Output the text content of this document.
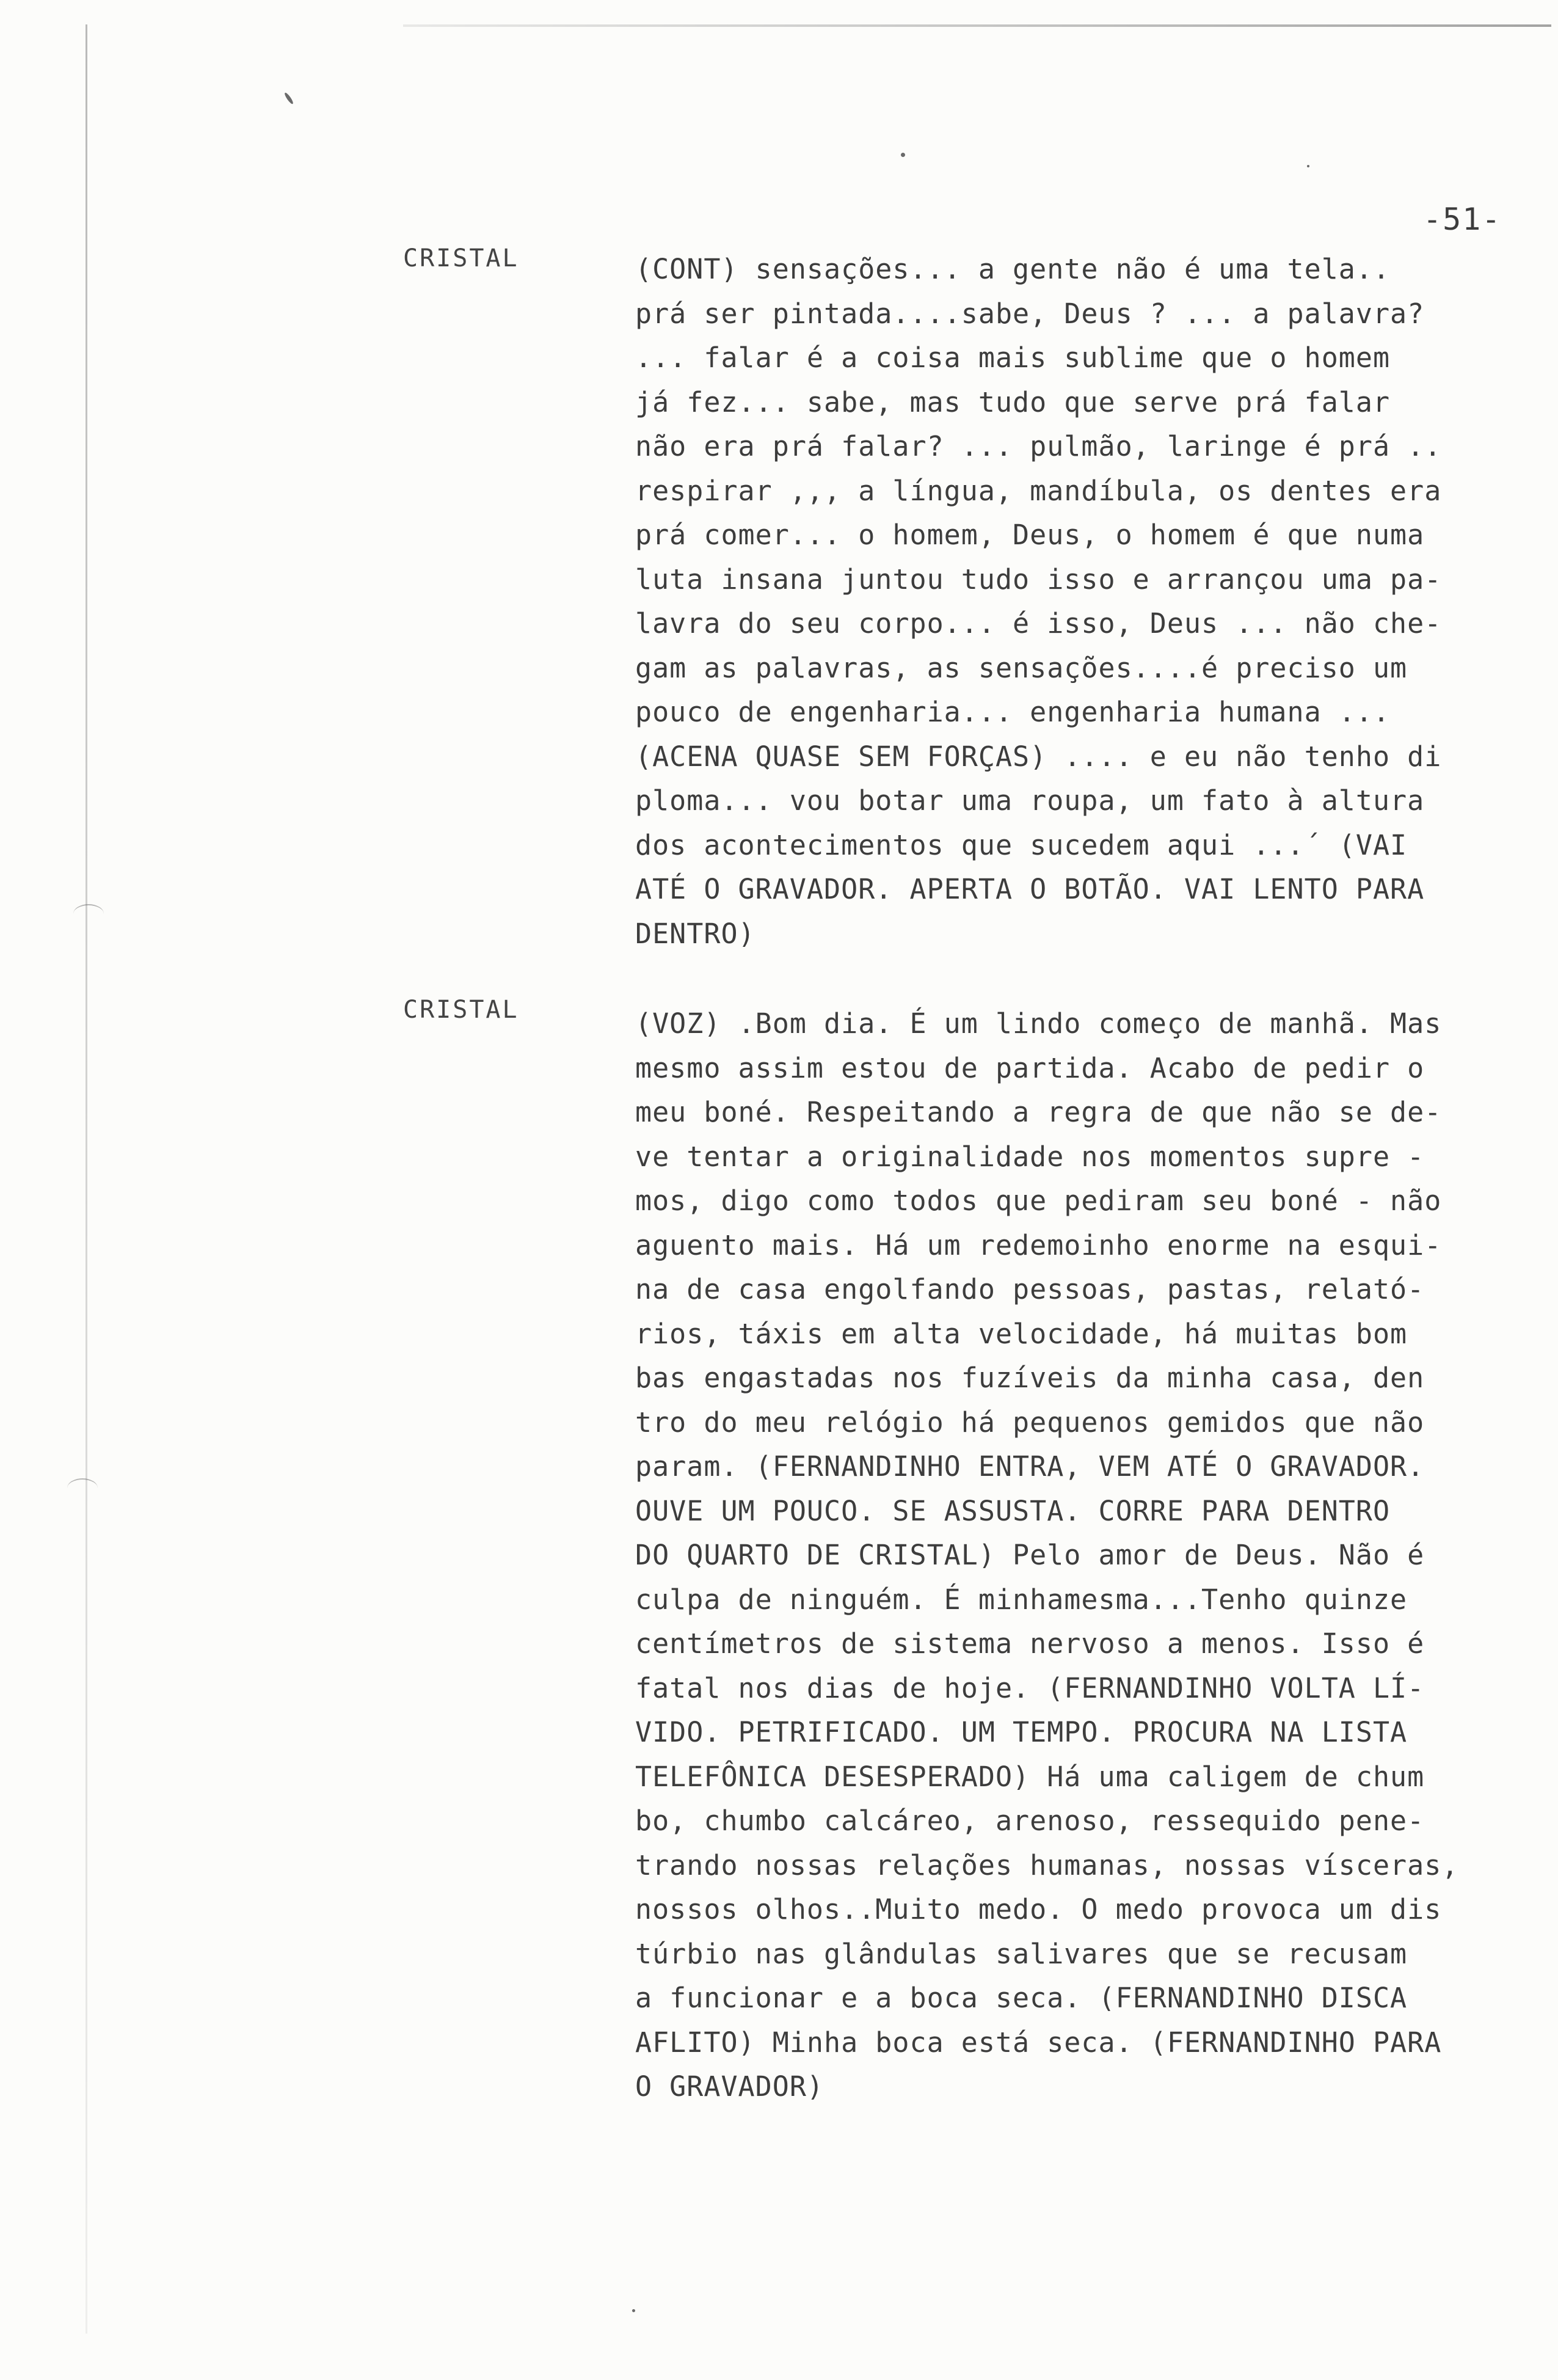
-51-
CRISTAL	(CONT) sensações... a gente não é uma tela..
prá ser pintada....sabe, Deus ? ... a palavra?
... falar é a coisa mais sublime que o homem
já fez... sabe, mas tudo que serve prá falar
não era prá falar? ... pulmão, laringe é prá ..
respirar ,,, a língua, mandíbula, os dentes era
prá comer... o homem, Deus, o homem é que numa
luta insana juntou tudo isso e arrançou uma pa-
lavra do seu corpo... é isso, Deus ... não che-
gam as palavras, as sensações....é preciso um
pouco de engenharia... engenharia humana ...
(ACENA QUASE SEM FORÇAS) .... e eu não tenho di
ploma... vou botar uma roupa, um fato à altura
dos acontecimentos que sucedem aqui ...´ (VAI
ATÉ O GRAVADOR. APERTA O BOTÃO. VAI LENTO PARA
DENTRO)
CRISTAL	(VOZ) .Bom dia. É um lindo começo de manhã. Mas
mesmo assim estou de partida. Acabo de pedir o
meu boné. Respeitando a regra de que não se de-
ve tentar a originalidade nos momentos supre -
mos, digo como todos que pediram seu boné - não
aguento mais. Há um redemoinho enorme na esqui-
na de casa engolfando pessoas, pastas, relató-
rios, táxis em alta velocidade, há muitas bom
bas engastadas nos fuzíveis da minha casa, den
tro do meu relógio há pequenos gemidos que não
param. (FERNANDINHO ENTRA, VEM ATÉ O GRAVADOR.
OUVE UM POUCO. SE ASSUSTA. CORRE PARA DENTRO
DO QUARTO DE CRISTAL) Pelo amor de Deus. Não é
culpa de ninguém. É minhamesma...Tenho quinze
centímetros de sistema nervoso a menos. Isso é
fatal nos dias de hoje. (FERNANDINHO VOLTA LÍ-
VIDO. PETRIFICADO. UM TEMPO. PROCURA NA LISTA
TELEFÔNICA DESESPERADO) Há uma caligem de chum
bo, chumbo calcáreo, arenoso, ressequido pene-
trando nossas relações humanas, nossas vísceras,
nossos olhos..Muito medo. O medo provoca um dis
túrbio nas glândulas salivares que se recusam
a funcionar e a boca seca. (FERNANDINHO DISCA
AFLITO) Minha boca está seca. (FERNANDINHO PARA
O GRAVADOR)
